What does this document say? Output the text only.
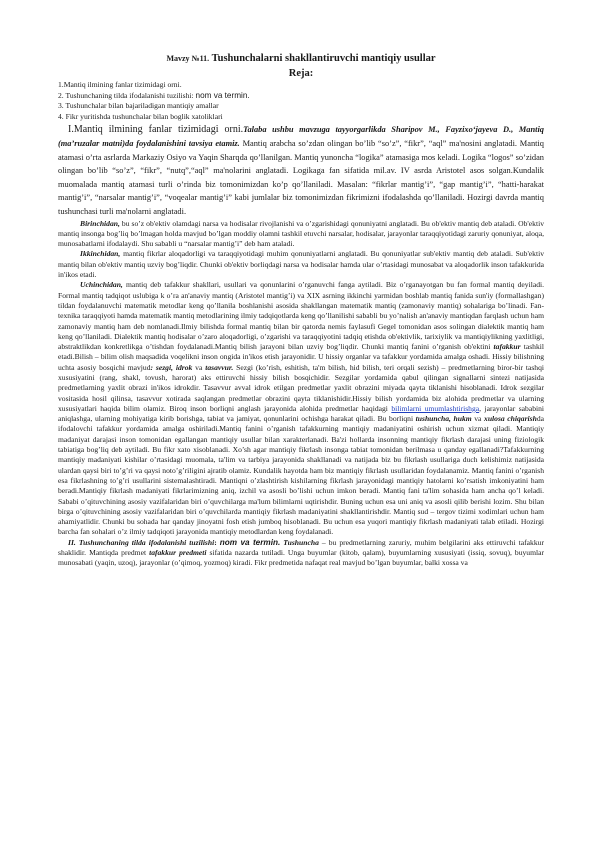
Mavzy №11. Tushunchalarni shakllantiruvchi mantiqiy usullar
Reja:
1.Mantiq ilmining fanlar tizimidagi orni.
2. Tushunchaning tilda ifodalanishi tuzilishi: nom va termin.
3. Tushunchalar bilan bajariladigan mantiqiy amallar
4. Fikr yuritishda tushunchalar bilan boglik xatoliklari

I.Mantiq ilmining fanlar tizimidagi orni.Talaba ushbu mavzuga tayyorgarlikda Sharipov M., Fayzixo‘jayeva D., Mantiq (ma’ruzalar matni)da foydalanishini tavsiya etamiz. Mantiq arabcha so’zdan olingan bo’lib “so’z”, “fikr”, “aql” ma'nosini anglatadi. Mantiq atamasi o’rta asrlarda Markaziy Osiyo va Yaqin Sharqda qo’llanilgan. Mantiq yunoncha “logika” atamasiga mos keladi. Logika “logos” so’zidan olingan bo’lib “so’z”, “fikr”, “nutq”,“aql” ma'nolarini anglatadi. Logikaga fan sifatida mil.av. IV asrda Aristotel asos solgan.Kundalik muomalada mantiq atamasi turli o’rinda biz tomonimizdan ko’p qo’llaniladi. Masalan: “fikrlar mantig’i”, “gap mantig’i”, “hatti-harakat mantig’i”, “narsalar mantig’i”, “voqealar mantig’i” kabi jumlalar biz tomonimizdan fikrimizni ifodalashda qo’llaniladi. Hozirgi davrda mantiq tushunchasi turli ma'nolarni anglatadi.

Birinchidan, bu so’z ob'ektiv olamdagi narsa va hodisalar rivojlanishi va o’zgarishidagi qonuniyatni anglatadi. Bu ob'ektiv mantiq deb ataladi. Ob'ektiv mantiq insonga bog’liq bo’lmagan holda mavjud bo’lgan moddiy olamni tashkil etuvchi narsalar, hodisalar, jarayonlar taraqqiyotidagi zaruriy qonuniyat, aloqa, munosabatlarni ifodalaydi. Shu sababli u “narsalar mantig’i” deb ham ataladi.

Ikkinchidan, mantiq fikrlar aloqadorligi va taraqqiyotidagi muhim qonuniyatlarni anglatadi. Bu qonuniyatlar sub'ektiv mantiq deb ataladi. Sub'ektiv mantiq bilan ob'ektiv mantiq uzviy bog’liqdir. Chunki ob'ektiv borliqdagi narsa va hodisalar hamda ular o’rtasidagi munosabat va aloqadorlik inson tafakkurida in'ikos etadi.

Uchinchidan, mantiq deb tafakkur shakllari, usullari va qonunlarini o’rganuvchi fanga aytiladi. Biz o’rganayotgan bu fan formal mantiq deyiladi. Formal mantiq tadqiqot uslubiga k o’ra an'anaviy mantiq (Aristotel mantig’i) va XIX asrning ikkinchi yarmidan boshlab mantiq fanida sun'iy (formallashgan) tildan foydalanuvchi matematik metodlar keng qo’llanila boshlanishi asosida shakllangan matematik mantiq (zamonaviy mantiq) sohalariga bo’linadi. Fan-texnika taraqqiyoti hamda matematik mantiq metodlarining ilmiy tadqiqotlarda keng qo’llanilishi sababli bu yo’nalish an'anaviy mantiqdan farqlash uchun ham zamonaviy mantiq ham deb nomlanadi.Ilmiy bilishda formal mantiq bilan bir qatorda nemis faylasufi Gegel tomonidan asos solingan dialektik mantiq ham keng qo’llaniladi. Dialektik mantiq hodisalar o’zaro aloqadorligi, o’zgarishi va taraqqiyotini tadqiq etishda ob'ektivlik, tarixiylik va mantiqiylikning yaxlitligi, abstraktlikdan konkretlikga o’tishdan foydalanadi.Mantiq bilish jarayoni bilan uzviy bog’liqdir. Chunki mantiq fanini o’rganish ob'ektini tafakkur tashkil etadi.Bilish – bilim olish maqsadida voqelikni inson ongida in'ikos etish jarayonidir. U hissiy organlar va tafakkur yordamida amalga oshadi. Hissiy bilishning uchta asosiy bosqichi mavjud: sezgi, idrok va tasavvur. Sezgi (ko’rish, eshitish, ta'm bilish, hid bilish, teri orqali sezish) – predmetlarning biror-bir tashqi xususiyatini (rang, shakl, tovush, harorat) aks ettiruvchi hissiy bilish bosqichidir. Sezgilar yordamida qabul qilingan signallarni sintezi natijasida predmetlarning yaxlit obrazi in'ikos idrokdir. Tasavvur avval idrok etilgan predmetlar yaxlit obrazini miyada qayta tiklanishi hisoblanadi. Idrok sezgilar vositasida hosil qilinsa, tasavvur xotirada saqlangan predmetlar obrazini qayta tiklanishidir.Hissiy bilish yordamida biz alohida predmetlar va ularning xususiyatlari haqida bilim olamiz. Biroq inson borliqni anglash jarayonida alohida predmetlar haqidagi bilimlarni umumlashtirishga, jarayonlar sababini aniqlashga, ularning mohiyatiga kirib borishga, tabiat va jamiyat, qonunlarini ochishga harakat qiladi. Bu borliqni tushuncha, hukm va xulosa chiqarishda ifodalovchi tafakkur yordamida amalga oshiriladi.Mantiq fanini o’rganish tafakkurning mantiqiy madaniyatini oshirish uchun xizmat qiladi. Mantiqiy madaniyat darajasi inson tomonidan egallangan mantiqiy usullar bilan xarakterlanadi. Ba'zi hollarda insonning mantiqiy fikrlash darajasi uning fiziologik tabiatiga bog’liq deb aytiladi. Bu fikr xato xisoblanadi. Xo’sh agar mantiqiy fikrlash insonga tabiat tomonidan berilmasa u qanday egallanadi?Tafakkurning mantiqiy madaniyati kishilar o’rtasidagi muomala, ta'lim va tarbiya jarayonida shakllanadi va natijada biz bu fikrlash usullariga duch kelishimiz natijasida ulardan qaysi biri to’g’ri va qaysi noto’g’riligini ajratib olamiz. Kundalik hayotda ham biz mantiqiy fikrlash usullaridan foydalanamiz. Mantiq fanini o’rganish esa fikrlashning to’g’ri usullarini sistemalashtiradi. Mantiqni o’zlashtirish kishilarning fikrlash jarayonidagi mantiqiy hatolarni ko’rsatish imkoniyatini ham beradi.Mantiqiy fikrlash madaniyati fikrlarimizning aniq, izchil va asosli bo’lishi uchun imkon beradi. Mantiq fani ta'lim sohasida ham ancha qo’l keladi. Sababi o’qituvchining asosiy vazifalaridan biri o’quvchilarga ma'lum bilimlarni uqtirishdir. Buning uchun esa uni aniq va asosli qilib berishi lozim. Shu bilan birga o’qituvchining asosiy vazifalaridan biri o’quvchilarda mantiqiy fikrlash madaniyatini shakllantirishdir. Mantiq sud – tergov tizimi xodimlari uchun ham ahamiyatlidir. Chunki bu sohada har qanday jinoyatni fosh etish jumboq hisoblanadi. Bu uchun esa yuqori mantiqiy fikrlash madaniyati talab etiladi. Hozirgi barcha fan sohalari o’z ilmiy tadqiqoti jarayonida mantiqiy metodlardan keng foydalanadi.

II. Tushunchaning tilda ifodalanishi tuzilishi: nom va termin. Tushuncha – bu predmetlarning zaruriy, muhim belgilarini aks ettiruvchi tafakkur shaklidir. Mantiqda predmet tafakkur predmeti sifatida nazarda tutiladi. Unga buyumlar (kitob, qalam), buyumlarning xususiyati (issiq, sovuq), buyumlar munosabati (yaqin, uzoq), jarayonlar (o’qimoq, yozmoq) kiradi. Fikr predmetida nafaqat real mavjud bo’lgan buyumlar, balki xossa va
